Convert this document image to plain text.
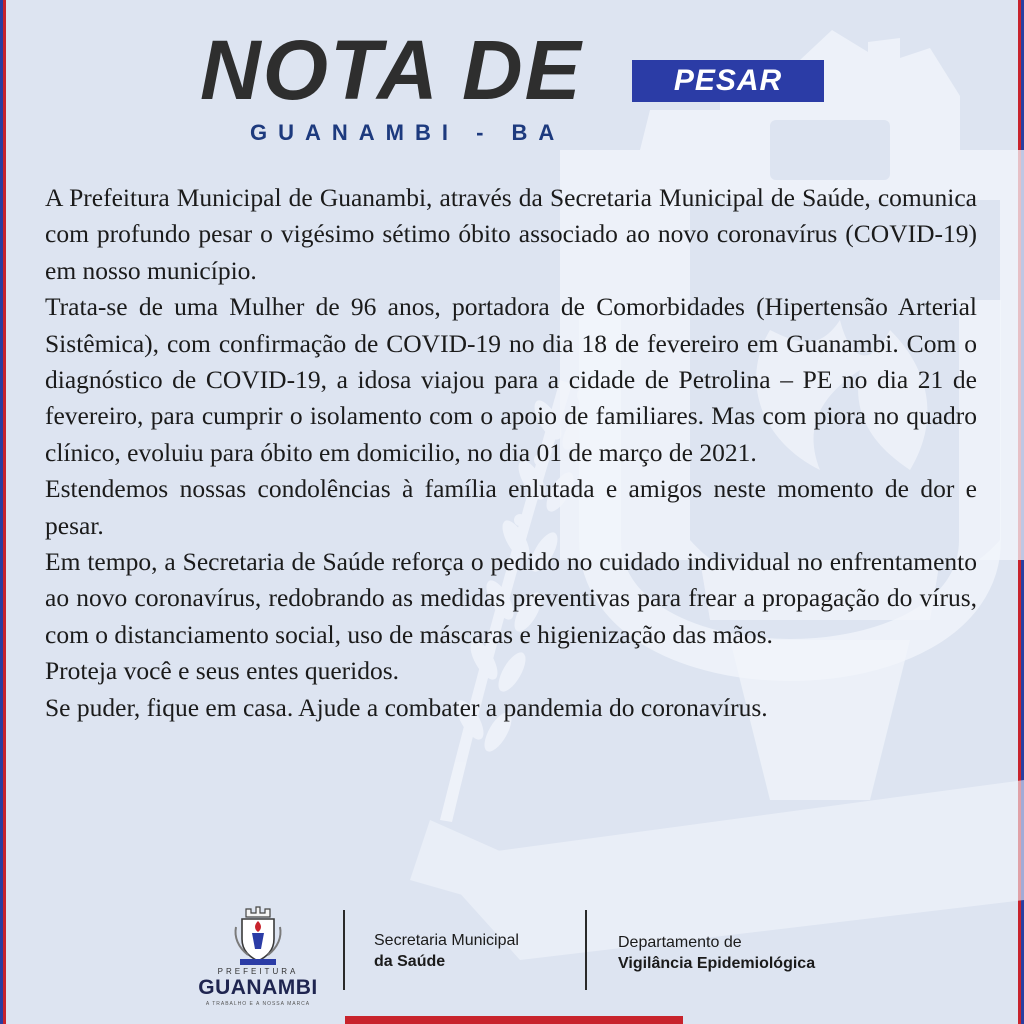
NOTA DE	PESAR
GUANAMBI - BA

A Prefeitura Municipal de Guanambi, através da Secretaria Municipal de Saúde, comunica com profundo pesar o vigésimo sétimo óbito associado ao novo coronavírus (COVID-19) em nosso município.

Trata-se de uma Mulher de 96 anos, portadora de Comorbidades (Hipertensão Arterial Sistêmica), com confirmação de COVID-19 no dia 18 de fevereiro em Guanambi. Com o diagnóstico de COVID-19, a idosa viajou para a cidade de Petrolina – PE no dia 21 de fevereiro, para cumprir o isolamento com o apoio de familiares. Mas com piora no quadro clínico, evoluiu para óbito em domicilio, no dia 01 de março de 2021.

Estendemos nossas condolências à família enlutada e amigos neste momento de dor e pesar.

Em tempo, a Secretaria de Saúde reforça o pedido no cuidado individual no enfrentamento ao novo coronavírus, redobrando as medidas preventivas para frear a propagação do vírus, com o distanciamento social, uso de máscaras e higienização das mãos.

Proteja você e seus entes queridos.

Se puder, fique em casa. Ajude a combater a pandemia do coronavírus.

PREFEITURA
GUANAMBI
A TRABALHO E A NOSSA MARCA
Secretaria Municipal
da Saúde
Departamento de
Vigilância Epidemiológica
